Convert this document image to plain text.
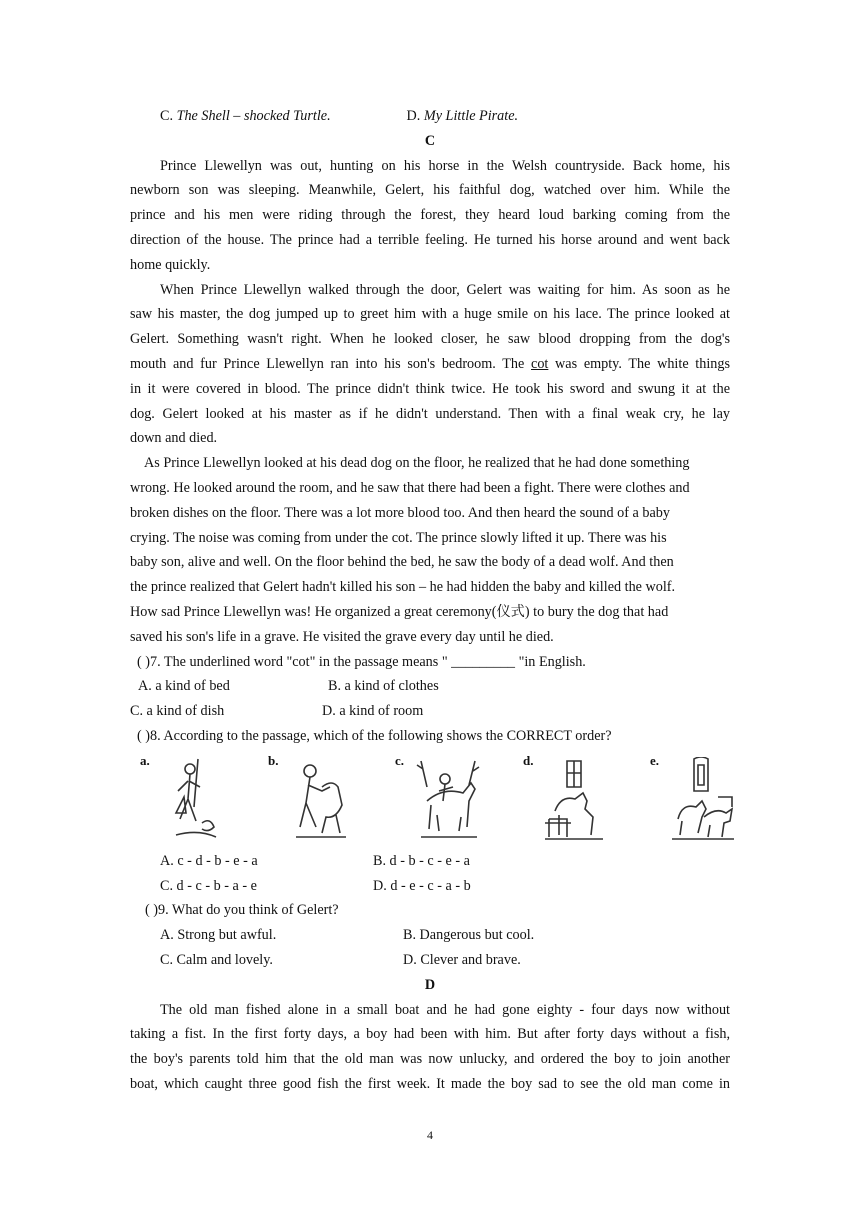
C. The Shell – shocked Turtle.	D. My Little Pirate.
C
Prince Llewellyn was out, hunting on his horse in the Welsh countryside. Back home, his
newborn son was sleeping. Meanwhile, Gelert, his faithful dog, watched over him. While the
prince and his men were riding through the forest, they heard loud barking coming from the
direction of the house. The prince had a terrible feeling. He turned his horse around and went back
home quickly.
When Prince Llewellyn walked through the door, Gelert was waiting for him. As soon as he
saw his master, the dog jumped up to greet him with a huge smile on his lace. The prince looked at
Gelert. Something wasn't right. When he looked closer, he saw blood dropping from the dog's
mouth and fur Prince Llewellyn ran into his son's bedroom. The cot was empty. The white things
in it were covered in blood. The prince didn't think twice. He took his sword and swung it at the
dog. Gelert looked at his master as if he didn't understand. Then with a final weak cry, he lay
down and died.
As Prince Llewellyn looked at his dead dog on the floor, he realized that he had done something
wrong. He looked around the room, and he saw that there had been a fight. There were clothes and
broken dishes on the floor. There was a lot more blood too. And then heard the sound of a baby
crying. The noise was coming from under the cot. The prince slowly lifted it up. There was his
baby son, alive and well. On the floor behind the bed, he saw the body of a dead wolf. And then
the prince realized that Gelert hadn't killed his son – he had hidden the baby and killed the wolf.
How sad Prince Llewellyn was! He organized a great ceremony(仪式) to bury the dog that had
saved his son's life in a grave. He visited the grave every day until he died.
( )7. The underlined word "cot" in the passage means " _________ "in English.
A. a kind of bed	B. a kind of clothes
C. a kind of dish	D. a kind of room
( )8. According to the passage, which of the following shows the CORRECT order?
a.	b.	c.	d.	e.
A. c - d - b - e - a	B. d - b - c - e - a
C. d - c - b - a - e	D. d - e - c - a - b
( )9. What do you think of Gelert?
A. Strong but awful.	B. Dangerous but cool.
C. Calm and lovely.	D. Clever and brave.
D
The old man fished alone in a small boat and he had gone eighty - four days now without
taking a fist. In the first forty days, a boy had been with him. But after forty days without a fish,
the boy's parents told him that the old man was now unlucky, and ordered the boy to join another
boat, which caught three good fish the first week. It made the boy sad to see the old man come in
4
